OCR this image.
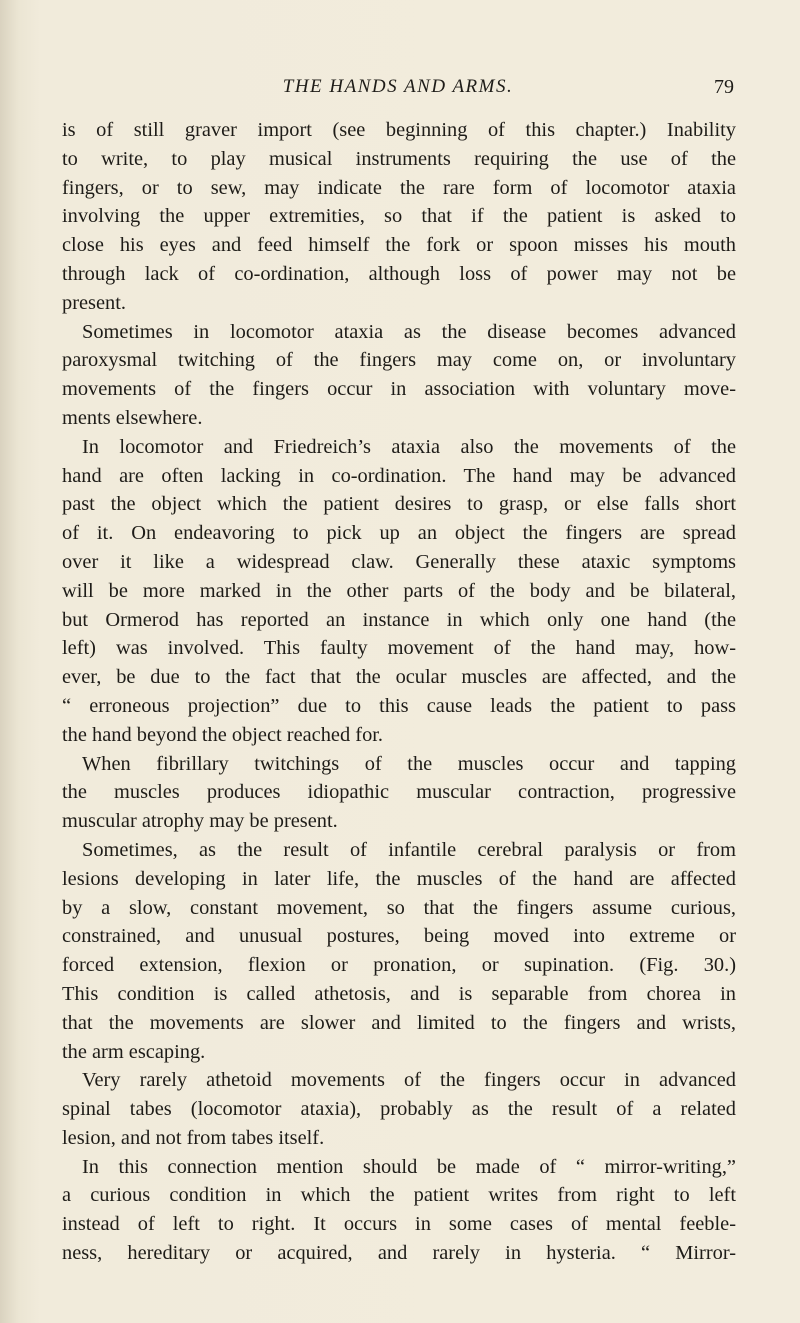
THE HANDS AND ARMS.	79
is of still graver import (see beginning of this chapter.) Inability
to write, to play musical instruments requiring the use of the
fingers, or to sew, may indicate the rare form of locomotor ataxia
involving the upper extremities, so that if the patient is asked to
close his eyes and feed himself the fork or spoon misses his mouth
through lack of co-ordination, although loss of power may not be
present.
Sometimes in locomotor ataxia as the disease becomes advanced
paroxysmal twitching of the fingers may come on, or involuntary
movements of the fingers occur in association with voluntary move-
ments elsewhere.
In locomotor and Friedreich’s ataxia also the movements of the
hand are often lacking in co-ordination. The hand may be advanced
past the object which the patient desires to grasp, or else falls short
of it. On endeavoring to pick up an object the fingers are spread
over it like a widespread claw. Generally these ataxic symptoms
will be more marked in the other parts of the body and be bilateral,
but Ormerod has reported an instance in which only one hand (the
left) was involved. This faulty movement of the hand may, how-
ever, be due to the fact that the ocular muscles are affected, and the
“ erroneous projection” due to this cause leads the patient to pass
the hand beyond the object reached for.
When fibrillary twitchings of the muscles occur and tapping
the muscles produces idiopathic muscular contraction, progressive
muscular atrophy may be present.
Sometimes, as the result of infantile cerebral paralysis or from
lesions developing in later life, the muscles of the hand are affected
by a slow, constant movement, so that the fingers assume curious,
constrained, and unusual postures, being moved into extreme or
forced extension, flexion or pronation, or supination. (Fig. 30.)
This condition is called athetosis, and is separable from chorea in
that the movements are slower and limited to the fingers and wrists,
the arm escaping.
Very rarely athetoid movements of the fingers occur in advanced
spinal tabes (locomotor ataxia), probably as the result of a related
lesion, and not from tabes itself.
In this connection mention should be made of “ mirror-writing,”
a curious condition in which the patient writes from right to left
instead of left to right. It occurs in some cases of mental feeble-
ness, hereditary or acquired, and rarely in hysteria. “ Mirror-
